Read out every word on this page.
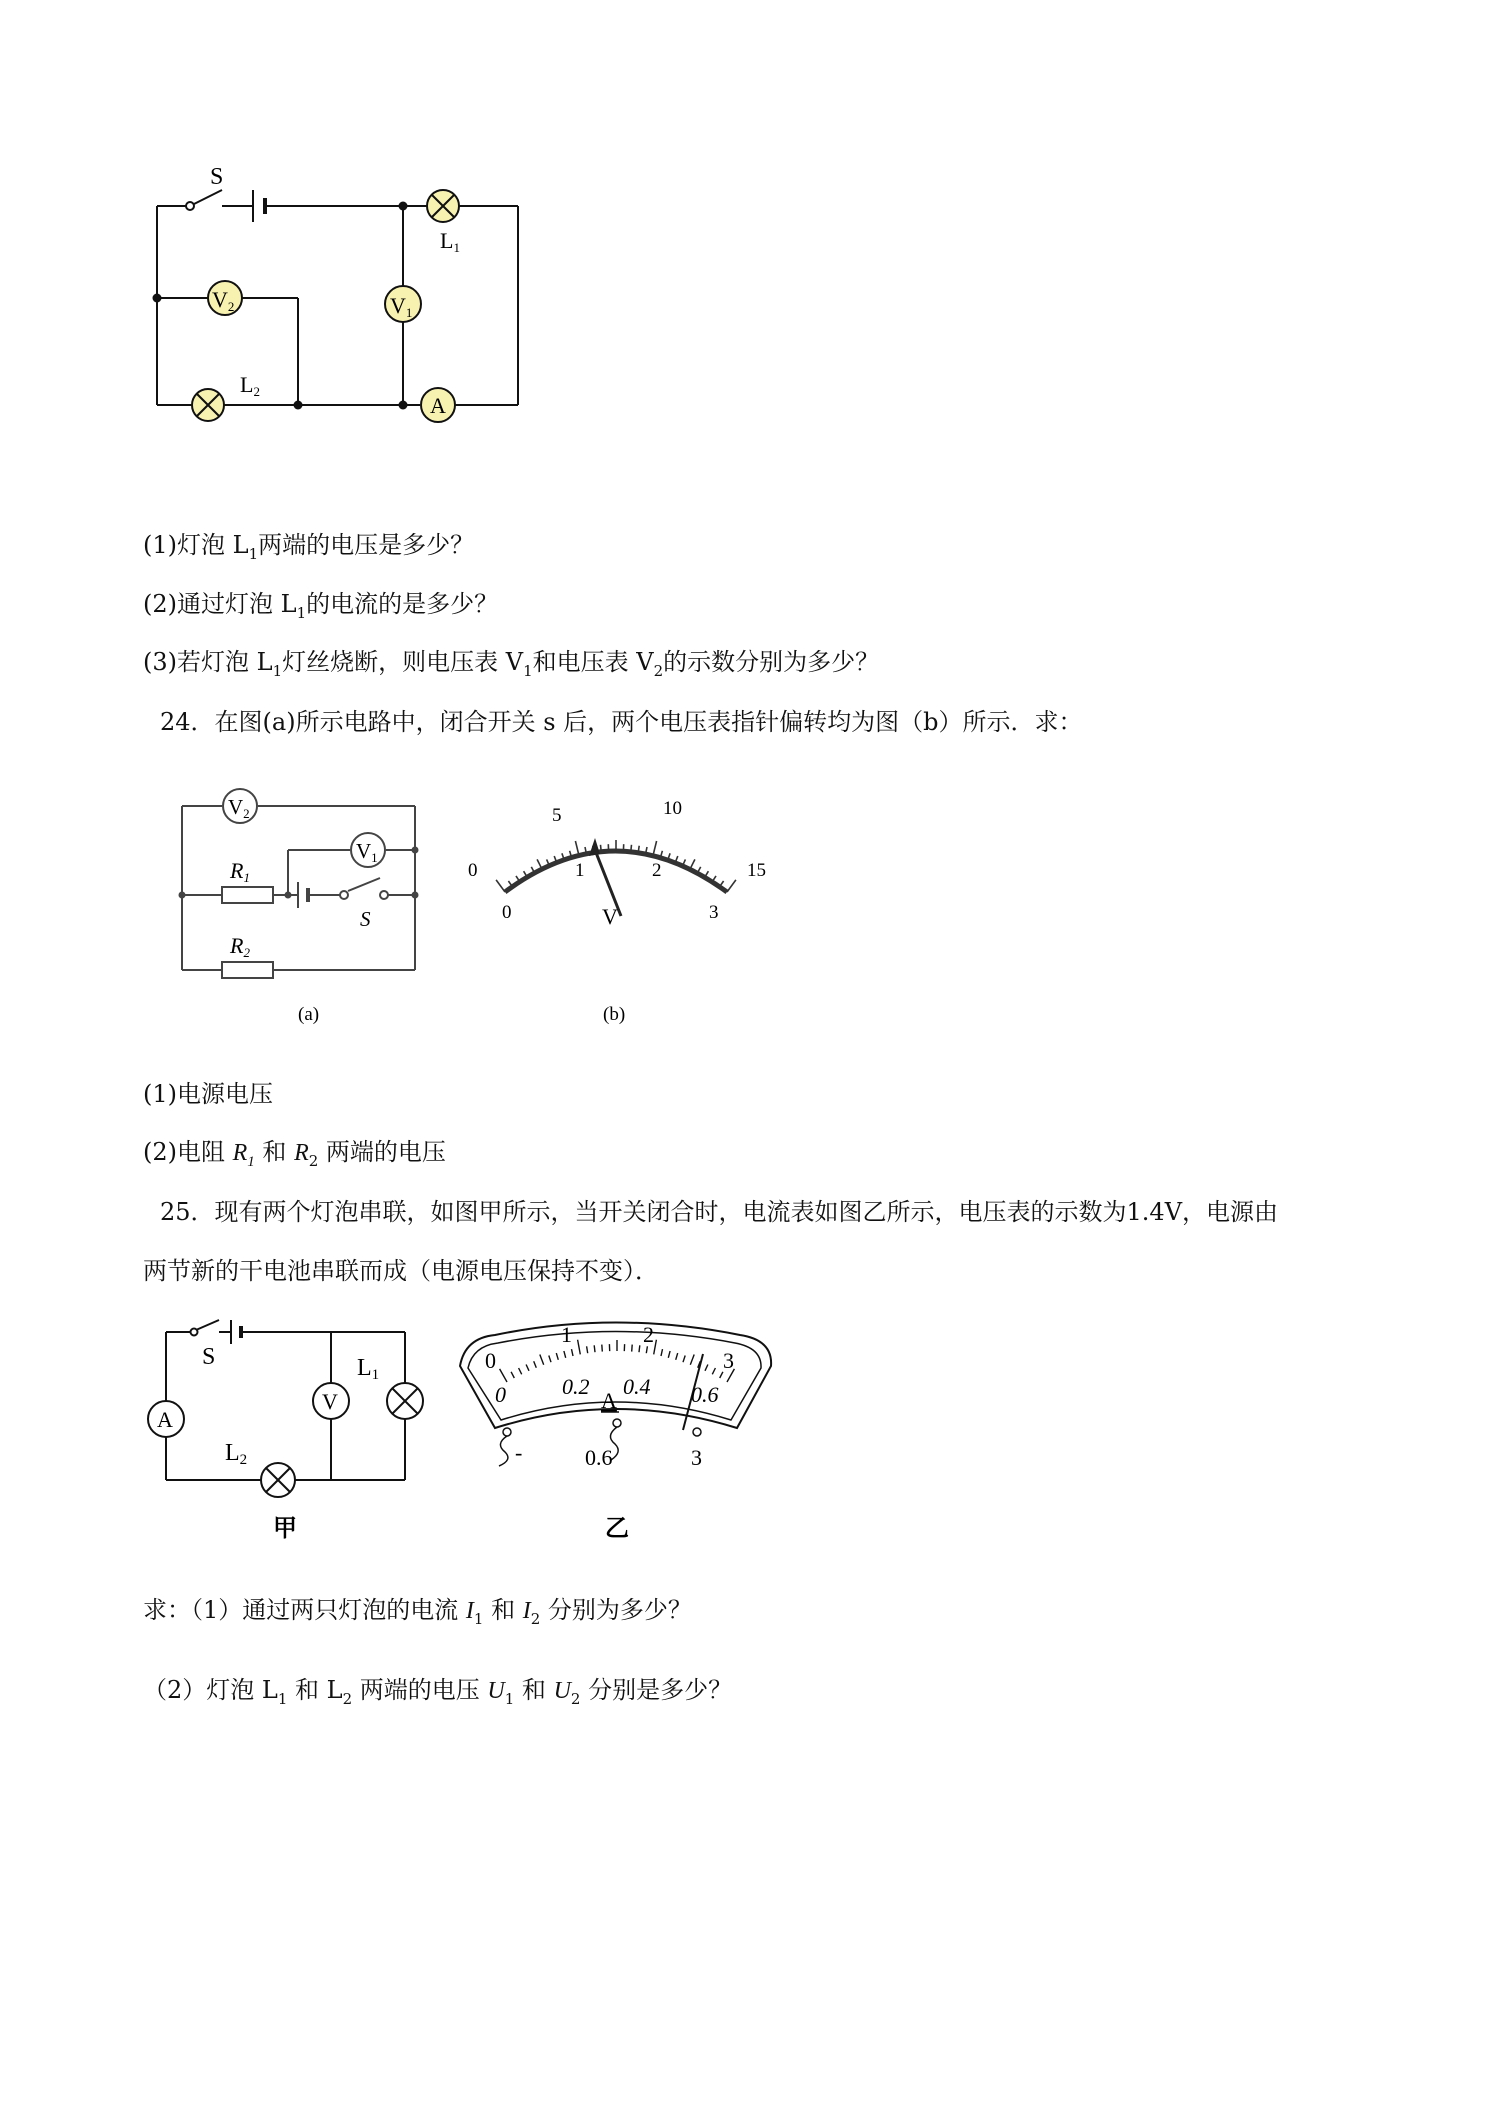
V2	V1
A
S
L1
L2
(1)灯泡 $L_1$两端的电压是多少？
(2)通过灯泡 $L_1$的电流的是多少？
(3)若灯泡 $L_1$灯丝烧断，则电压表 $V_1$和电压表 $V_2$的示数分别为多少？
24．在图(a)所示电路中，闭合开关 s 后，两个电压表指针偏转均为图（b）所示．求：
V2
V1
R1
R2
S
(a)
0
5	10
15
0
1	2
3
V
(b)
(1)电源电压
(2)电阻 $R_1$ 和 $R_2$ 两端的电压
25．现有两个灯泡串联，如图甲所示，当开关闭合时，电流表如图乙所示，电压表的示数为1.4V，电源由
两节新的干电池串联而成（电源电压保持不变）．
A
V
S	L1
L2
甲
0
1	2
3
0	0.2 0.4 0.6
A
-	0.6	3
乙
求：（1）通过两只灯泡的电流 $I_1$ 和 $I_2$ 分别为多少？
（2）灯泡 $L_1$ 和 $L_2$ 两端的电压 $U_1$ 和 $U_2$ 分别是多少？
